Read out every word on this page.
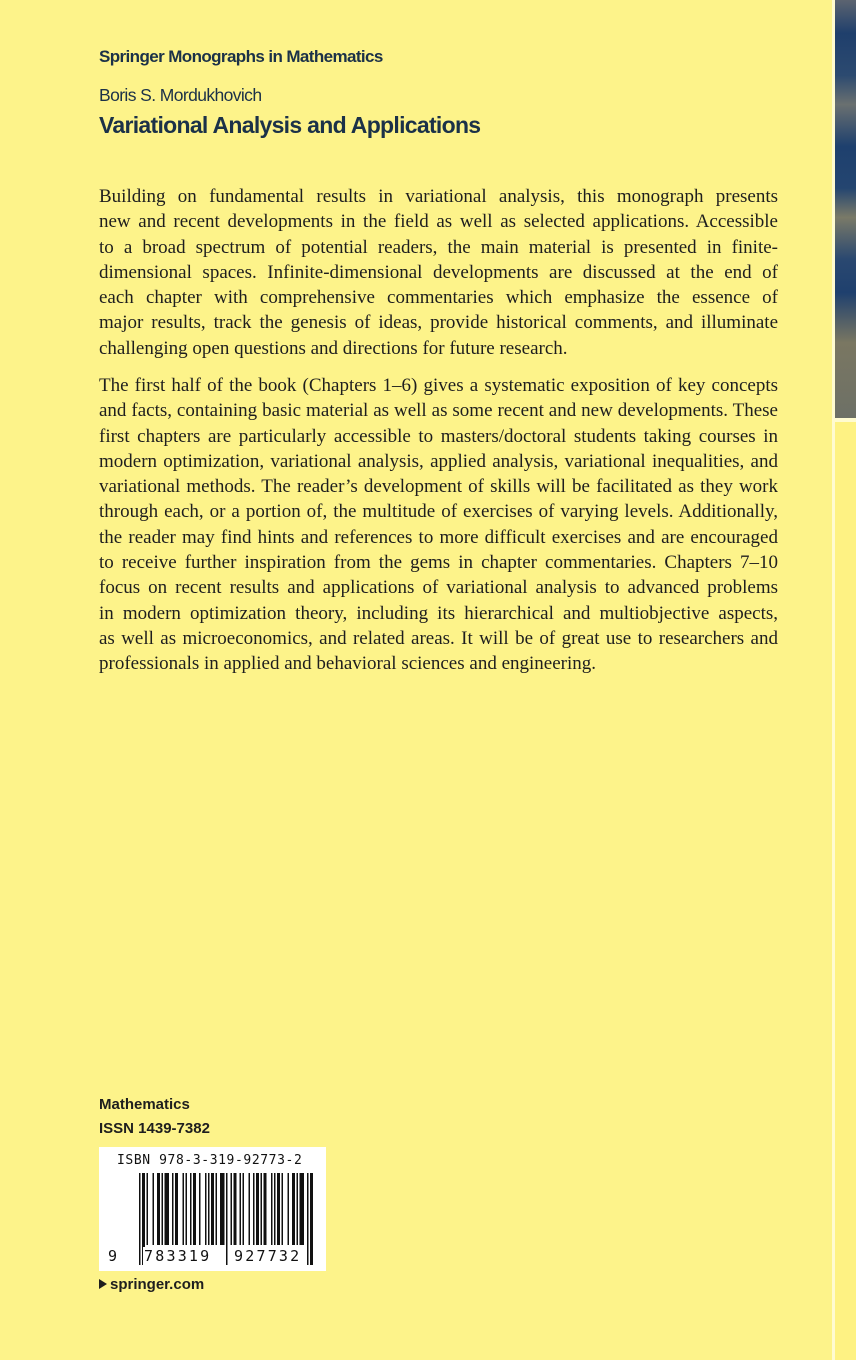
Springer Monographs in Mathematics
Boris S. Mordukhovich
Variational Analysis and Applications
Building on fundamental results in variational analysis, this monograph presents
new and recent developments in the field as well as selected applications. Accessible
to a broad spectrum of potential readers, the main material is presented in finite-
dimensional spaces. Infinite-dimensional developments are discussed at the end of
each chapter with comprehensive commentaries which emphasize the essence of
major results, track the genesis of ideas, provide historical comments, and illuminate
challenging open questions and directions for future research.
The first half of the book (Chapters 1–6) gives a systematic exposition of key concepts
and facts, containing basic material as well as some recent and new developments. These
first chapters are particularly accessible to masters/doctoral students taking courses in
modern optimization, variational analysis, applied analysis, variational inequalities, and
variational methods. The reader’s development of skills will be facilitated as they work
through each, or a portion of, the multitude of exercises of varying levels. Additionally,
the reader may find hints and references to more difficult exercises and are encouraged
to receive further inspiration from the gems in chapter commentaries. Chapters 7–10
focus on recent results and applications of variational analysis to advanced problems
in modern optimization theory, including its hierarchical and multiobjective aspects,
as well as microeconomics, and related areas. It will be of great use to researchers and
professionals in applied and behavioral sciences and engineering.
Mathematics
ISSN 1439-7382
ISBN 978-3-319-92773-2
9 783319 927732
springer.com
